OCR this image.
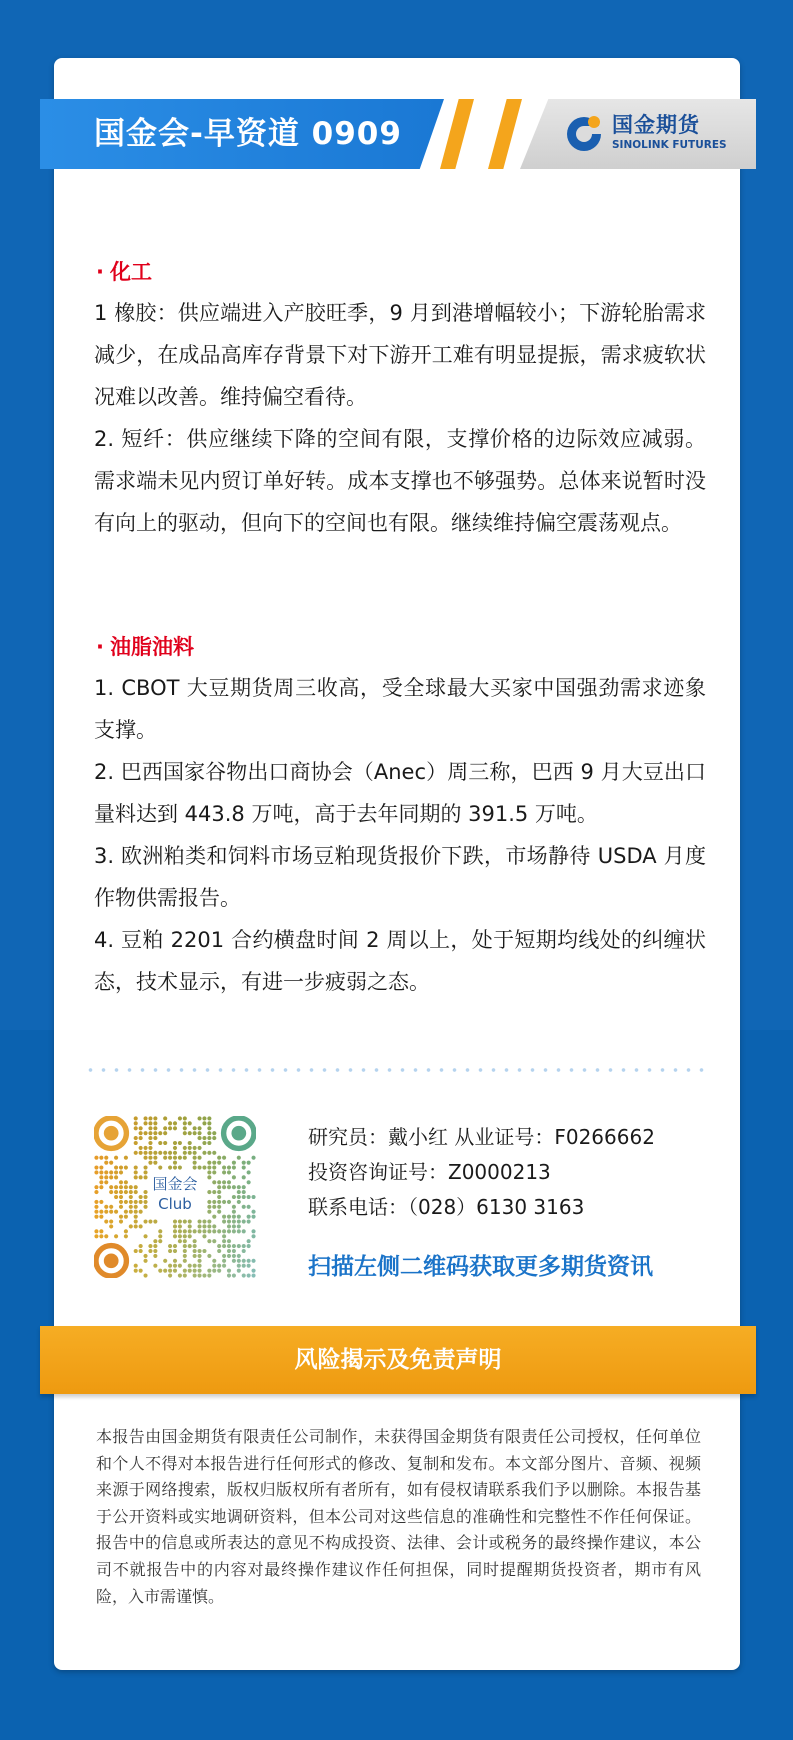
国金会-早资道 0909	国金期货
SINOLINK FUTURES
· 化工
1 橡胶：供应端进入产胶旺季，9 月到港增幅较小；下游轮胎需求减少，在成品高库存背景下对下游开工难有明显提振，需求疲软状况难以改善。维持偏空看待。
2. 短纤：供应继续下降的空间有限，支撑价格的边际效应减弱。需求端未见内贸订单好转。成本支撑也不够强势。总体来说暂时没有向上的驱动，但向下的空间也有限。继续维持偏空震荡观点。
· 油脂油料
1. CBOT 大豆期货周三收高，受全球最大买家中国强劲需求迹象支撑。
2. 巴西国家谷物出口商协会（Anec）周三称，巴西 9 月大豆出口量料达到 443.8 万吨，高于去年同期的 391.5 万吨。
3. 欧洲粕类和饲料市场豆粕现货报价下跌，市场静待 USDA 月度作物供需报告。
4. 豆粕 2201 合约横盘时间 2 周以上，处于短期均线处的纠缠状态，技术显示，有进一步疲弱之态。
国金会
Club
研究员：戴小红 从业证号：F0266662
投资咨询证号：Z0000213
联系电话：（028）6130 3163
扫描左侧二维码获取更多期货资讯
风险揭示及免责声明
本报告由国金期货有限责任公司制作，未获得国金期货有限责任公司授权，任何单位和个人不得对本报告进行任何形式的修改、复制和发布。本文部分图片、音频、视频来源于网络搜索，版权归版权所有者所有，如有侵权请联系我们予以删除。本报告基于公开资料或实地调研资料，但本公司对这些信息的准确性和完整性不作任何保证。报告中的信息或所表达的意见不构成投资、法律、会计或税务的最终操作建议，本公司不就报告中的内容对最终操作建议作任何担保，同时提醒期货投资者，期市有风险，入市需谨慎。
